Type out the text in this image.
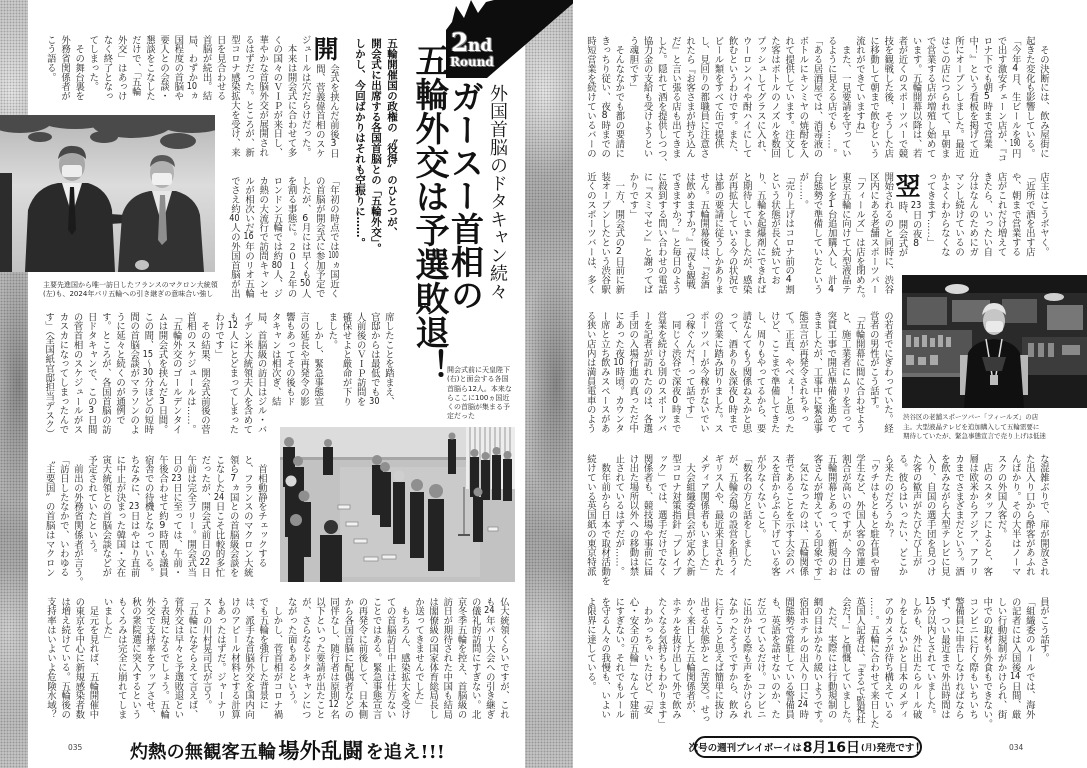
会式を挟んだ前後3日
間、菅義偉首相のスケ
ジュールは穴だらけだった。
　本来は開会式に合わせて多
くの国々のＶＩＰが来日し、
華やかな首脳外交が展開され
るはずだった。ところが、新
型コロナ感染拡大を受け、来
日を見合わせる
首脳が続出。結
局、わずか10ヵ
国程度の首脳や
要人との会談・
懇談をこなした
だけで、「五輪
外交」はあっけ
なく終了となっ
てしまった。
　その舞台裏を
外務省関係者が
こう語る。	開
「年初の時点では100ヵ国近く
の首脳が開会式に参加予定で
したが、6月には早くも50人
を割る事態に。２０１２年の
ロンドン五輪では約80人、ジ
カ熱の大流行で訪問キャンセ
ルが相次いだ16年のリオ五輪
でさえ約40人の外国首脳が出
席したことを踏まえ、
官邸からは最低でも30
人前後のＶＩＰ訪問を
確保せよと厳命が下り
ました。
　しかし、緊急事態宣
言の延長や再発令の影
響もあってその後もド
タキャンは相次ぎ、結
局、首脳級の訪日はジル・バ
イデン米大統領夫人を含めて
も12人にとどまってしまった
わけです」
　その結果、開会式前後の菅
首相のスケジュールは……。
「五輪外交のゴールデンタイ
ムは開会式を挟んだ3日間。
この間、15〜30分ほどの短時
間の首脳会談がマラソンのよ
うに延々と続くのが通例で
す。ところが、各国首脳の訪
日ドタキャンで、この3日間
の菅首相のスケジュールがス
カスカになってしまったんで
す」（全国紙官邸担当デスク）
　首相動静をチェックする
と、フランスのマクロン大統
領ら7ヵ国との首脳級会談を
こなした24日こそ比較的多忙
だったが、開会式前日の22日
午前は完全フリー。開会式当
日の23日に至っては、午前・
午後合わせて約9時間も議員
宿舎での待機となっている。
ちなみに、23日はやはり直前
に中止が決まった韓国・文在
寅大統領との首脳会談などが
予定されていたという。
　前出の外務省関係者が言う。
「訪日したなかで、いわゆる
〝主要国〟の首脳はマクロン
仏大統領くらいですが、これ
も24年パリ大会への引き継ぎ
の儀礼的訪問にすぎない。北
京冬季五輪を控え、首脳級の
訪日が期待された中国も結局
は閣僚級の国家体育総局長し
か送ってきませんでした」
　もちろん、感染拡大を受け
ての首脳訪日中止は仕方ない
ことではある。緊急事態宣言
の再発令に前後して、日本側
から各国首脳に配偶者などの
同伴なし、随行者は原則12名
以下といった要請が出たこと
が、さらなるドタキャンにつ
ながった面もあるという。
　しかし、菅首相がコロナ禍
でも五輪を強行した背景に
は、派手な首脳外交を国内向
けのアピール材料とする計算
もあったはずだ。ジャーナリ
ストの川村晃司氏が言う。
「五輪になぞらえて言えば、
菅外交は早々と予選敗退とい
う表現になるでしょう。五輪
外交で支持率をアップさせ、
秋の衆院選に突入するという
もくろみは完全に崩れてしま
いました」
　足元を見れば、五輪開催中
の東京を中心に新規感染者数
は増え続けている。五輪後の
支持率はいよいよ危険水域？
五輪開催国の政権の〝役得〟のひとつが、
開会式に出席する各国首脳との「五輪外交」。
しかし、今回ばかりはそれも空振りに……。 五輪外交は予選敗退！
ガースー首相の 外国首脳のドタキャン続々
2 nd
Round
主要先進国から唯一訪日したフランスのマクロン大統領
(左)も、2024年パリ五輪への引き継ぎの意味合い強し
開会式前に天皇陛下
(右)と面会する各国
首脳ら12人。本来な
らここに100ヵ国近
くの首脳が集まる予
定だった
035	灼熱の無観客五輪場外乱闘 を追え!!!
　その決断には、飲み屋街に
起きた変化も影響している。
「今年4月、生ビールを190円
で出す激安チェーン店が、『コ
ロナ下でも朝5時まで営業
中！』という看板を掲げて近
所にオープンしました。最近
はこの店につられて、早朝ま
で営業する店が増殖し始めて
います。五輪開幕以降は、若
者が近くのスポーツバーで競
技を観戦した後、そうした店
に移動して朝まで飲むという
流れができていますね」
　また、一見要請を守ってい
るように見える店でも……。
「ある居酒屋では、消毒液の
ボトルにキンミヤの焼酎を入
れて提供しています。注文し
た客はボトルのノズルを数回
プッシュしてグラスに入れ、
ウーロンハイや酎ハイにして
飲むというわけです。また、
ビール類をすべて缶で提供
し、見回りの都職員に注意さ
れたら『お客さまが持ち込ん
だ』と言い張る店も出てきま
した。隠れて酒を提供しつつ、
協力金の支給も受けようとい
う魂胆です」
　そんななかでも都の要請に
きっちり従い、夜8時までの
時短営業を続けているバーの
店主はこうボヤく。
「近所で酒を出す店
や、朝まで営業する
店がこれだけ増えて
きたら、いったい自
分はなんのためにガ
マンし続けているの
かよくわからなくな
ってきます……」
23日の夜8
時、開会式が
開始されるのと同時に、渋谷
区内にある老舗スポーツバー
「フィールズ」は店を閉めた。
東京五輪に向けて大型液晶テ
レビを1台追加購入し、計4
台態勢で準備していたという
が……。
「売り上げはコロナ前の4割
という状態が長く続いてお
り、五輪を起爆剤にできれば
と期待していましたが、感染
が再拡大している今の状況で
は都の要請に従うしかありま
せん。五輪開幕後は、『お酒
は飲めますか？』『夜も観戦
できますか？』と毎日のよう
に殺到する問い合わせの電話
に『スミマセン』と謝ってば
かりです」
　一方、開会式の2日前に新
装オープンしたという渋谷駅
近くのスポーツバーは、多く	翌
の若者でにぎわっていた。経
営者の男性がこう話す。
「五輪開幕に間に合わせよう
と、施工業者にムリを言って
突貫工事で開店準備を進めて
きましたが、工事中に緊急事
態宣言が再発令されちゃっ
て。正直、やべぇ！と思った
けど、ここまで準備してきた
し、周りもやってるから、要
請なんてもう関係ねえかと思
って、酒あり＆深夜0時まで
の営業に踏み切りました。ス
ポーツバーが今稼がないでい
つ稼ぐんだ！って話です」
　同じく渋谷で深夜0時まで
営業を続ける別のスポーツバ
ーを記者が訪れたのは、各選
手団の入場行進の真っただ中
にあった夜10時頃。カウンタ
ー席と立ち飲みスペースがあ
る狭い店内は満員電車のよう
な混雑ぶりで、扉が開放され
た出入り口から酔客があふれ
んばかり。その大半はノーマ
スクの外国人客だ。
　店のスタッフによると、客
層は欧米からアジア、アフリ
カまでさまざまだという。酒
を飲みながら大型テレビに見
入り、自国の選手団を見つけ
た客の歓声がたびたび上が
る。彼らはいったい、どこか
ら来たのだろうか？
「ウチはもともと駐在員や留
学生など、外国人客の常連の
割合が高いのですが、今日は
五輪開幕とあって、新規のお
客さんが増えている印象です」
　気になったのは、五輪関係
者であることを示す大会のパ
スを首からぶら下げている客
が少なくないこと。
「数名の方と話をしました
が、五輪会場の設営を担うイ
ギリス人や、最近来日された
メディア関係者もいました」
　大会組織委員会が定めた新
型コロナ対策指針「プレイブ
ック」では、選手だけでなく
関係者も、競技場や事前に届
け出た場所以外への移動は禁
止されているはずだが……。
　数年前から日本で取材活動を
続けている英国紙の東京特派
員がこう話す。
「組織委のルールでは、海外
の記者には入国後14日間、厳
しい行動規制がかけられ、街
中での取材も外食もできない。
コンビニに行く際もいちいち
警備員に申告しなければなら
ず、つい最近まで外出時間は
15分以内とされていました。
しかも、外に出たらルール破
りをしないかと日本のメディ
アのカメラが待ち構えている
……。五輪に合わせて来日した
英国人記者は、『まるで監視社
会だ！』と憤慨していました。
　ただ、実際には行動規制の
網の目はかなり緩いようです。
宿泊ホテルの出入り口に24時
間態勢で常駐している警備員
も、英語を話せないのか、た
だ立っているだけ。コンビニ
に出かける際も声をかけられ
なかったそうですから、飲み
に行こうと思えば簡単に抜け
出せる状態かと（苦笑）。せっ
かく来日した五輪関係者が、
ホテルを抜け出して外で飲み
たくなる気持ちもわかります」
　わかっちゃいたけど、「安
心・安全の五輪」なんて建前
にすぎない。それでもルール
を守る人々の我慢も、いよい
よ限界に達している。
渋谷区の老舗スポーツバー「フィールズ」の店
主。大型液晶テレビを追加購入して五輪需要に
期待していたが、緊急事態宣言で売り上げは低迷
次号の週刊プレイボーイは 8月16日 (月) 発売です ！	034
